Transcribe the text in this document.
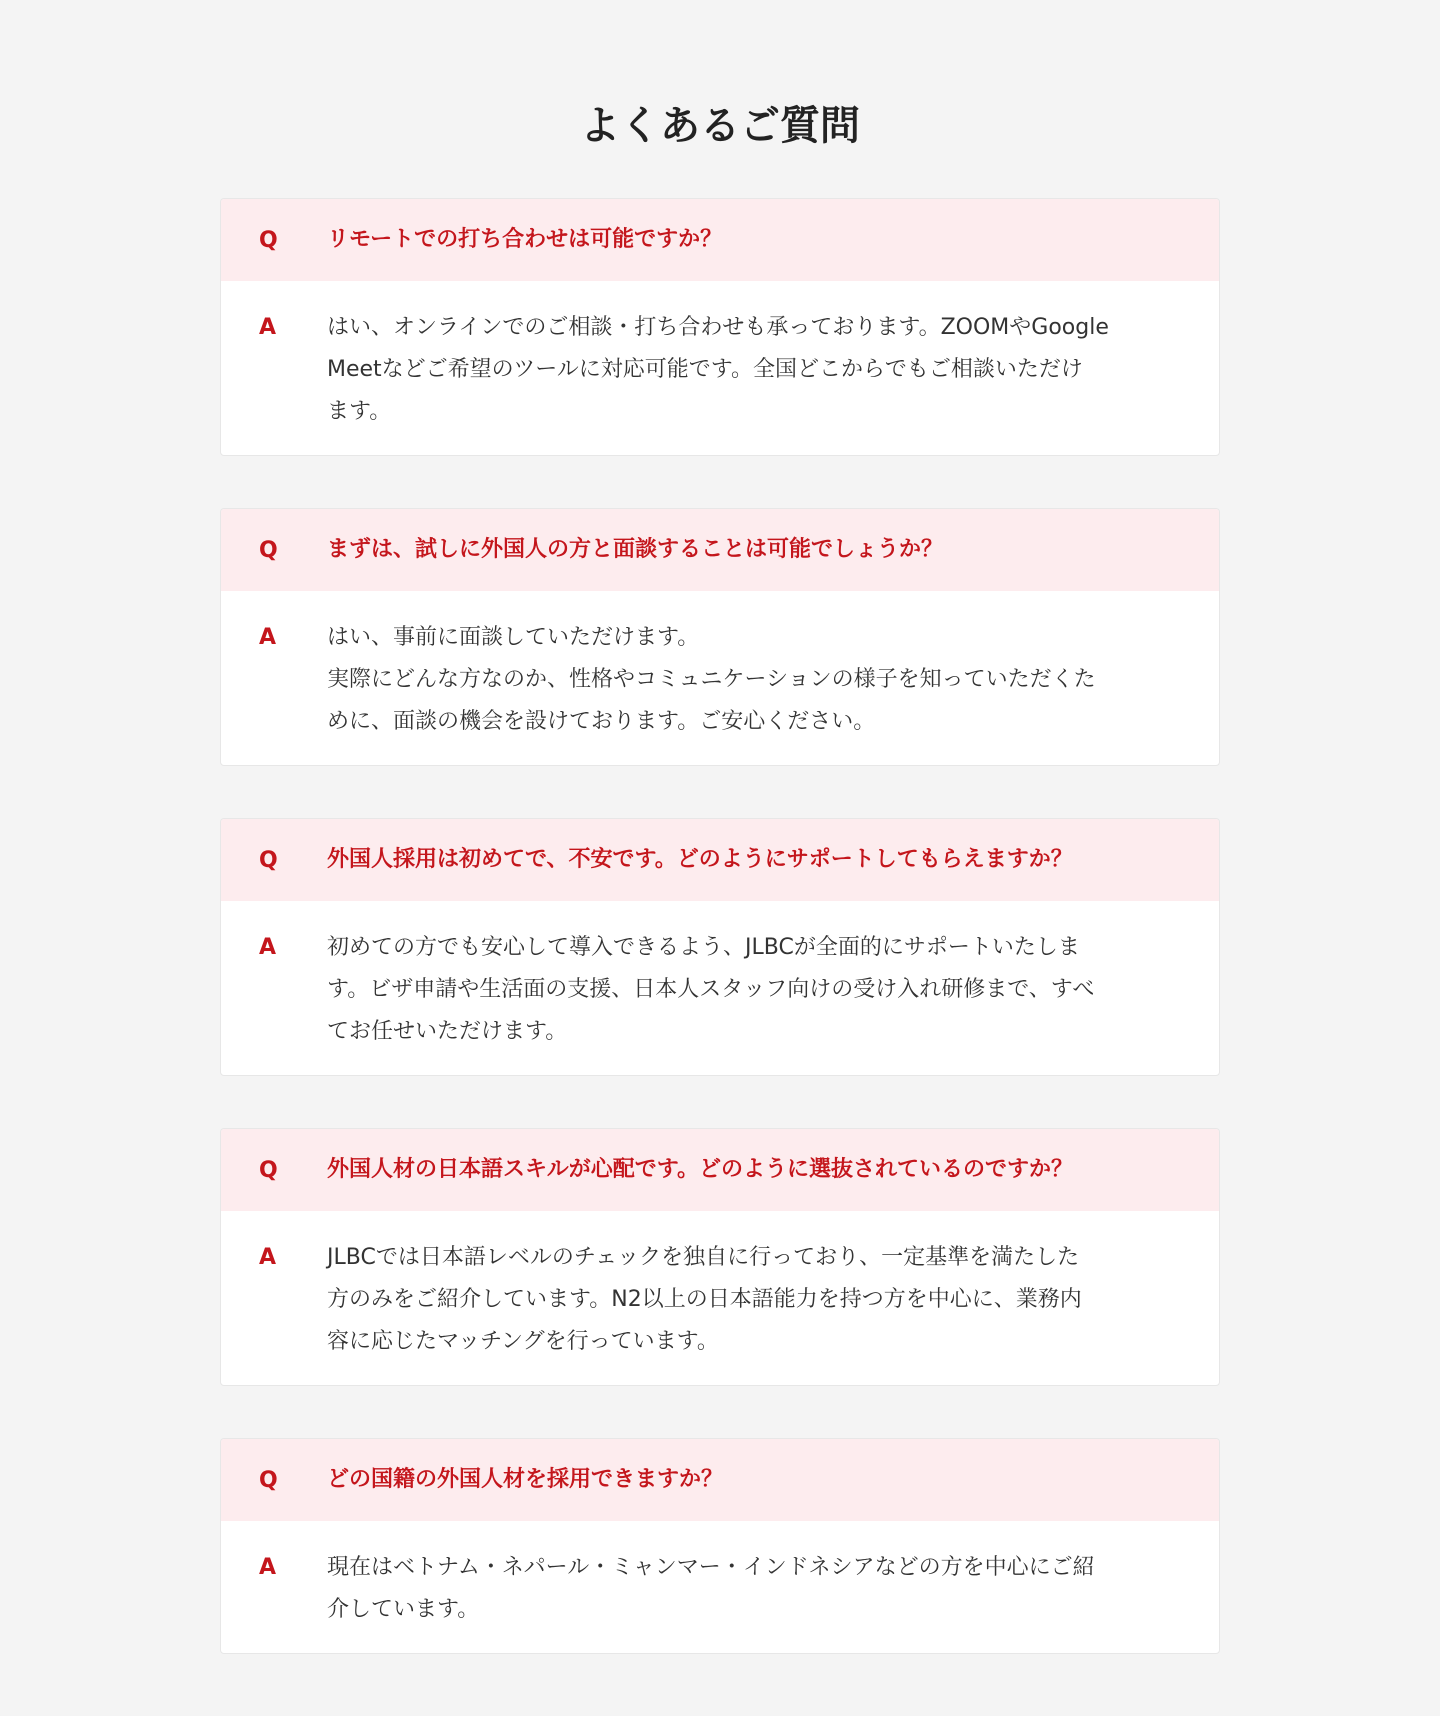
よくあるご質問
Q	リモートでの打ち合わせは可能ですか？
A	はい、オンラインでのご相談・打ち合わせも承っております。ZOOMやGoogle
Meetなどご希望のツールに対応可能です。全国どこからでもご相談いただけ
ます。

Q	まずは、試しに外国人の方と面談することは可能でしょうか？
A	はい、事前に面談していただけます。
実際にどんな方なのか、性格やコミュニケーションの様子を知っていただくた
めに、面談の機会を設けております。ご安心ください。

Q	外国人採用は初めてで、不安です。どのようにサポートしてもらえますか？
A	初めての方でも安心して導入できるよう、JLBCが全面的にサポートいたしま
す。ビザ申請や生活面の支援、日本人スタッフ向けの受け入れ研修まで、すべ
てお任せいただけます。

Q	外国人材の日本語スキルが心配です。どのように選抜されているのですか？
A	JLBCでは日本語レベルのチェックを独自に行っており、一定基準を満たした
方のみをご紹介しています。N2以上の日本語能力を持つ方を中心に、業務内
容に応じたマッチングを行っています。

Q	どの国籍の外国人材を採用できますか？
A	現在はベトナム・ネパール・ミャンマー・インドネシアなどの方を中心にご紹
介しています。
